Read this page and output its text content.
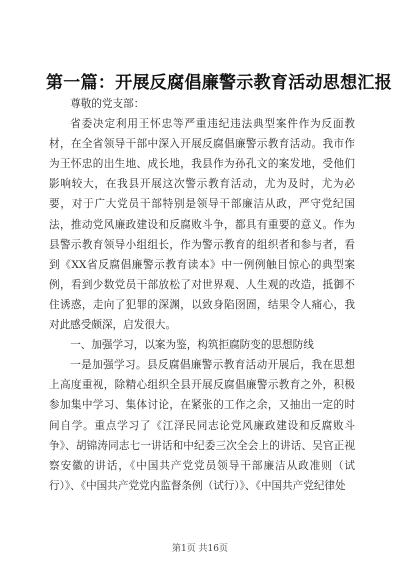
第一篇：开展反腐倡廉警示教育活动思想汇报

尊敬的党支部：

省委决定利用王怀忠等严重违纪违法典型案件作为反面教材，在全省领导干部中深入开展反腐倡廉警示教育活动。我市作为王怀忠的出生地、成长地，我县作为孙孔文的案发地，受他们影响较大，在我县开展这次警示教育活动，尤为及时，尤为必要，对于广大党员干部特别是领导干部廉洁从政，严守党纪国法，推动党风廉政建设和反腐败斗争，都具有重要的意义。作为县警示教育领导小组组长，作为警示教育的组织者和参与者，看到《XX省反腐倡廉警示教育读本》中一例例触目惊心的典型案例，看到少数党员干部放松了对世界观、人生观的改造，抵御不住诱惑，走向了犯罪的深渊，以致身陷囹圄，结果令人痛心，我对此感受颇深，启发很大。

一、加强学习，以案为鉴，构筑拒腐防变的思想防线

一是加强学习。县反腐倡廉警示教育活动开展后，我在思想上高度重视，除精心组织全县开展反腐倡廉警示教育之外，积极参加集中学习、集体讨论，在紧张的工作之余，又抽出一定的时间自学。重点学习了《江泽民同志论党风廉政建设和反腐败斗争》、胡锦涛同志七一讲话和中纪委三次全会上的讲话、吴官正视察安徽的讲话，《中国共产党党员领导干部廉洁从政准则（试行）》、《中国共产党党内监督条例（试行）》、《中国共产党纪律处

第1页 共16页
